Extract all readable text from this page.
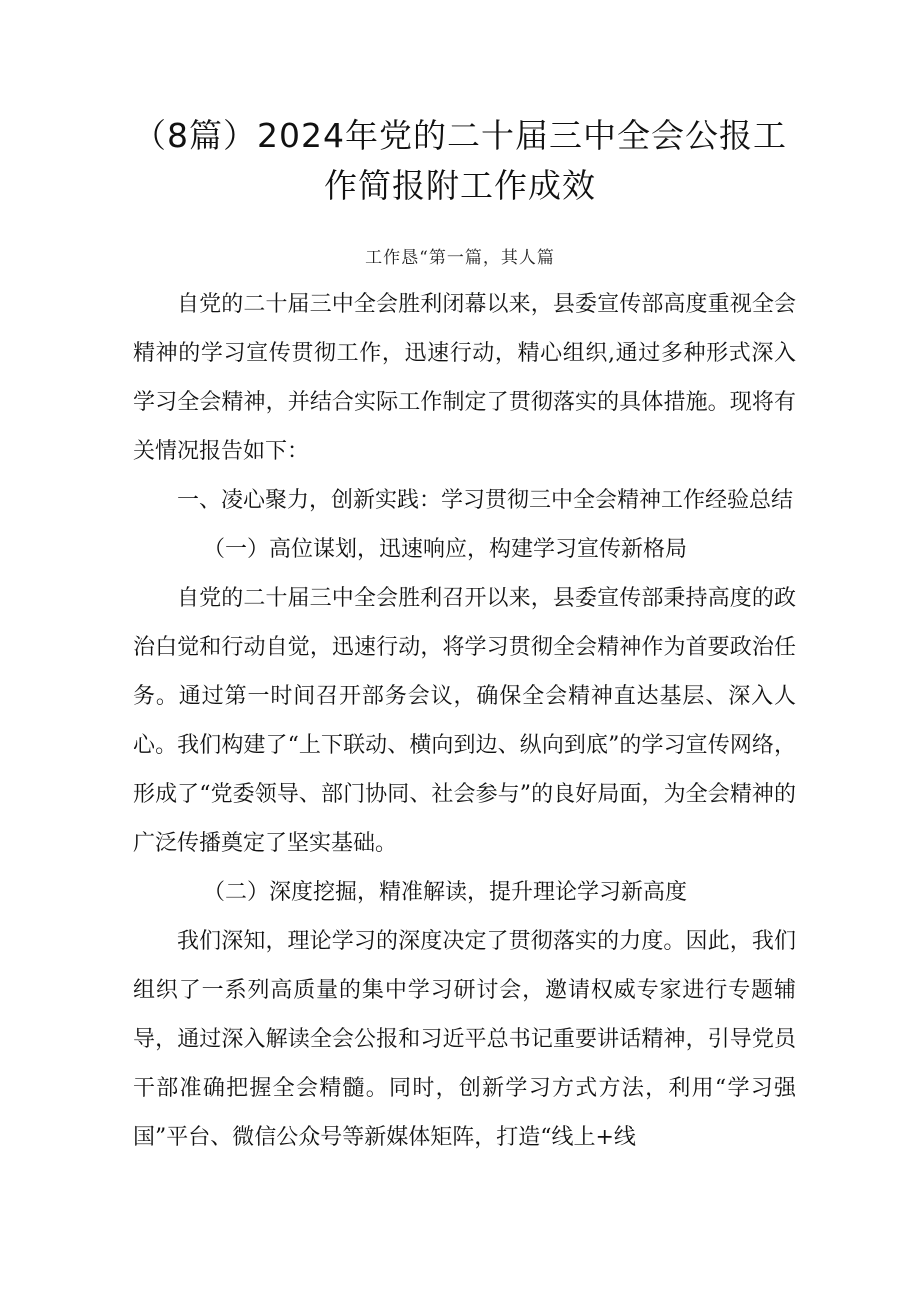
（8篇）2024年党的二十届三中全会公报工
作简报附工作成效
工作恳“第一篇，其人篇

自党的二十届三中全会胜利闭幕以来，县委宣传部高度重视全会精神的学习宣传贯彻工作，迅速行动，精心组织,通过多种形式深入学习全会精神，并结合实际工作制定了贯彻落实的具体措施。现将有关情况报告如下：

一、凌心聚力，创新实践：学习贯彻三中全会精神工作经验总结

（一）高位谋划，迅速响应，构建学习宣传新格局

自党的二十届三中全会胜利召开以来，县委宣传部秉持高度的政治白觉和行动自觉，迅速行动，将学习贯彻全会精神作为首要政治任务。通过第一时间召开部务会议，确保全会精神直达基层、深入人心。我们构建了“上下联动、横向到边、纵向到底”的学习宣传网络，形成了“党委领导、部门协同、社会参与”的良好局面，为全会精神的广泛传播奠定了坚实基础。

（二）深度挖掘，精准解读，提升理论学习新高度

我们深知，理论学习的深度决定了贯彻落实的力度。因此，我们组织了一系列高质量的集中学习研讨会，邀请权威专家进行专题辅导，通过深入解读全会公报和习近平总书记重要讲话精神，引导党员干部准确把握全会精髓。同时，创新学习方式方法，利用“学习强国”平台、微信公众号等新媒体矩阵，打造“线上+线
